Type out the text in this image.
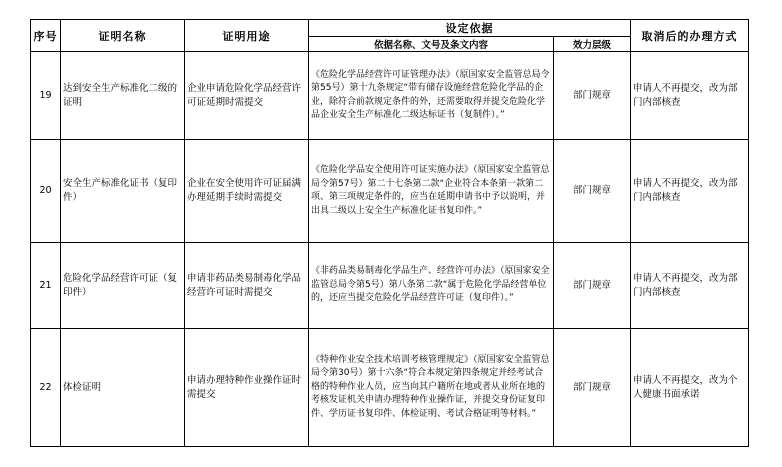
序号	证明名称	证明用途	设定依据		取消后的办理方式
			依据名称、文号及条文内容	效力层级	
19	达到安全生产标准化二级的证明	企业申请危险化学品经营许可证延期时需提交	《危险化学品经营许可证管理办法》（原国家安全监管总局令第55号）第十九条规定“带有储存设施经营危险化学品的企业，除符合前款规定条件的外，还需要取得并提交危险化学品企业安全生产标准化二级达标证书（复制件）。”	部门规章	申请人不再提交，改为部门内部核查
20	安全生产标准化证书（复印件）	企业在安全使用许可证届满办理延期手续时需提交	《危险化学品安全使用许可证实施办法》（原国家安全监管总局令第57号）第二十七条第二款“企业符合本条第一款第二项、第三项规定条件的，应当在延期申请书中予以说明，并出具二级以上安全生产标准化证书复印件。”	部门规章	申请人不再提交，改为部门内部核查
21	危险化学品经营许可证（复印件）	申请非药品类易制毒化学品经营许可证时需提交	《非药品类易制毒化学品生产、经营许可办法》（原国家安全监管总局令第5号）第八条第二款“属于危险化学品经营单位的，还应当提交危险化学品经营许可证（复印件）。”	部门规章	申请人不再提交，改为部门内部核查
22	体检证明	申请办理特种作业操作证时需提交	《特种作业安全技术培训考核管理规定》（原国家安全监管总局令第30号）第十六条“符合本规定第四条规定并经考试合格的特种作业人员，应当向其户籍所在地或者从业所在地的考核发证机关申请办理特种作业操作证，并提交身份证复印件、学历证书复印件、体检证明、考试合格证明等材料。”	部门规章	申请人不再提交，改为个人健康书面承诺
